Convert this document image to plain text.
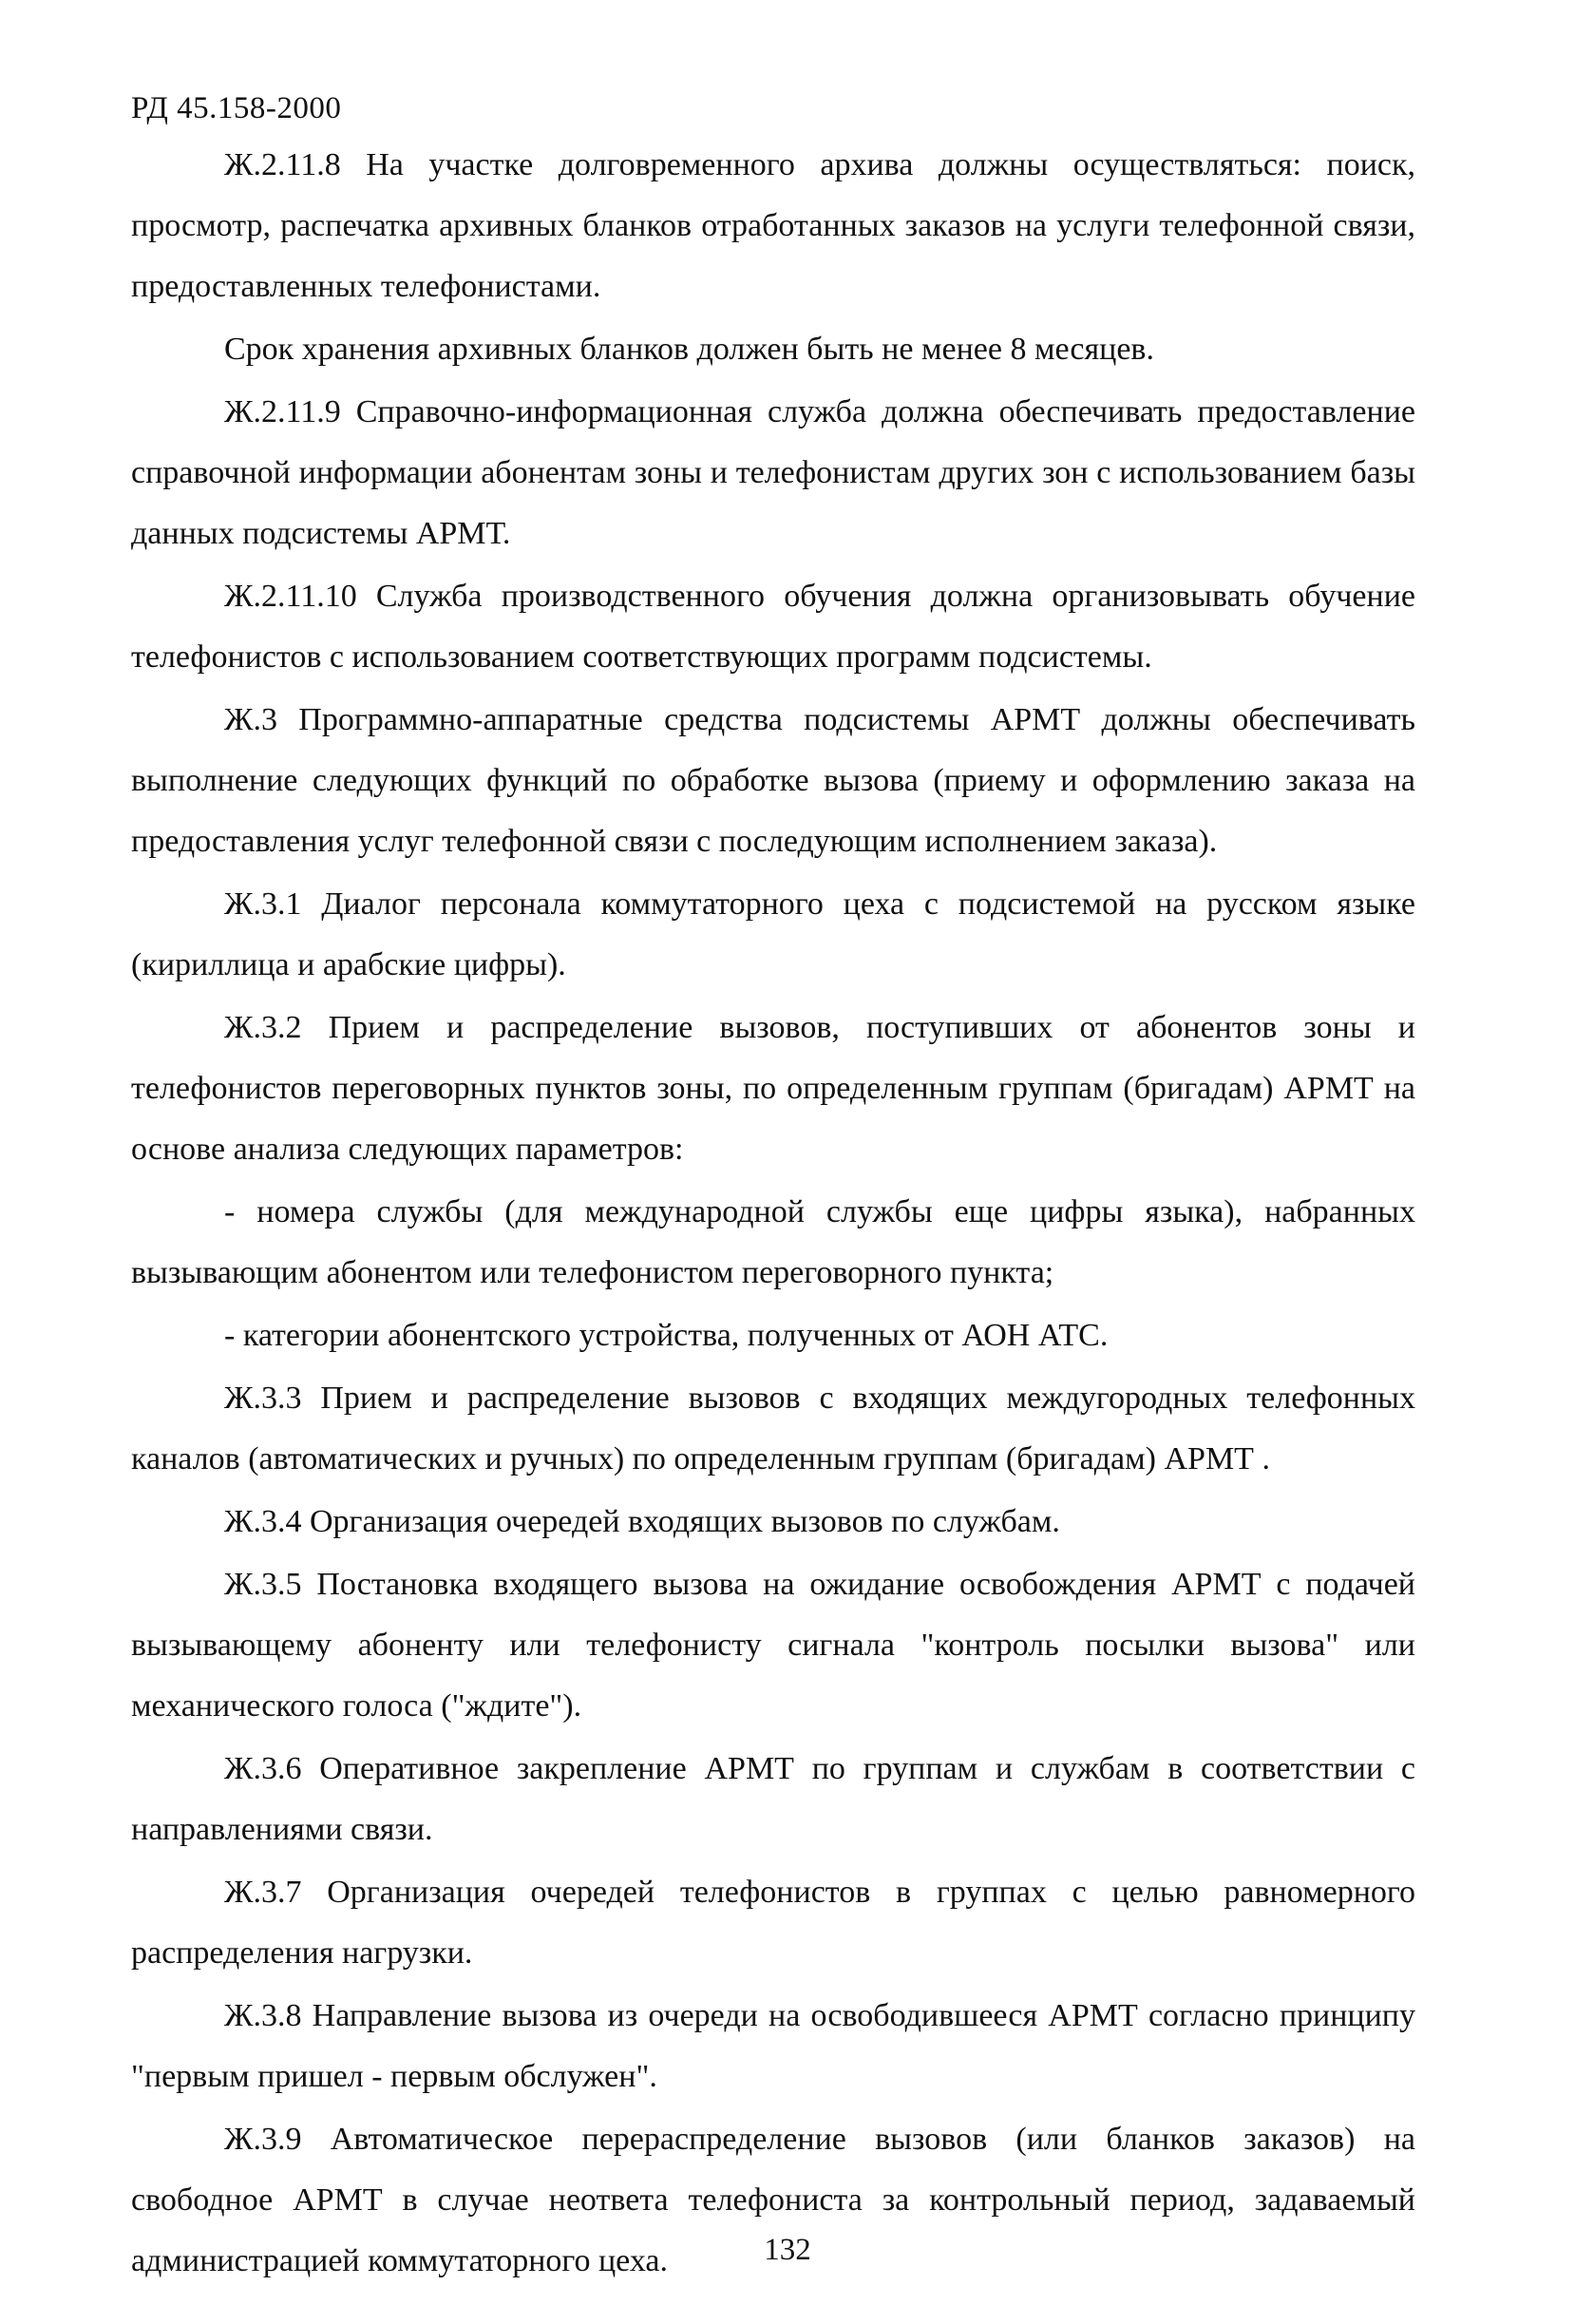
РД 45.158-2000

Ж.2.11.8 На участке долговременного архива должны осуществляться: поиск, просмотр, распечатка архивных бланков отработанных заказов на услуги телефонной связи, предоставленных телефонистами.

Срок хранения архивных бланков должен быть не менее 8 месяцев.

Ж.2.11.9 Справочно-информационная служба должна обеспечивать предоставление справочной информации абонентам зоны и телефонистам других зон с использованием базы данных подсистемы АРМТ.

Ж.2.11.10 Служба производственного обучения должна организовывать обучение телефонистов с использованием соответствующих программ подсистемы.

Ж.3 Программно-аппаратные средства подсистемы АРМТ должны обеспечивать выполнение следующих функций по обработке вызова (приему и оформлению заказа на предоставления услуг телефонной связи с последующим исполнением заказа).

Ж.3.1 Диалог персонала коммутаторного цеха с подсистемой на русском языке (кириллица и арабские цифры).

Ж.3.2 Прием и распределение вызовов, поступивших от абонентов зоны и телефонистов переговорных пунктов зоны, по определенным группам (бригадам) АРМТ на основе анализа следующих параметров:

- номера службы (для международной службы еще цифры языка), набранных вызывающим абонентом или телефонистом переговорного пункта;

- категории абонентского устройства, полученных от АОН АТС.

Ж.3.3 Прием и распределение вызовов с входящих междугородных телефонных каналов (автоматических и ручных) по определенным группам (бригадам) АРМТ .

Ж.3.4 Организация очередей входящих вызовов по службам.

Ж.3.5 Постановка входящего вызова на ожидание освобождения АРМТ с подачей вызывающему абоненту или телефонисту сигнала "контроль посылки вызова" или механического голоса ("ждите").

Ж.3.6 Оперативное закрепление АРМТ по группам и службам в соответствии с направлениями связи.

Ж.3.7 Организация очередей телефонистов в группах с целью равномерного распределения нагрузки.

Ж.3.8 Направление вызова из очереди на освободившееся АРМТ согласно принципу "первым пришел - первым обслужен".

Ж.3.9 Автоматическое перераспределение вызовов (или бланков заказов) на свободное АРМТ в случае неответа телефониста за контрольный период, задаваемый администрацией коммутаторного цеха.	132
